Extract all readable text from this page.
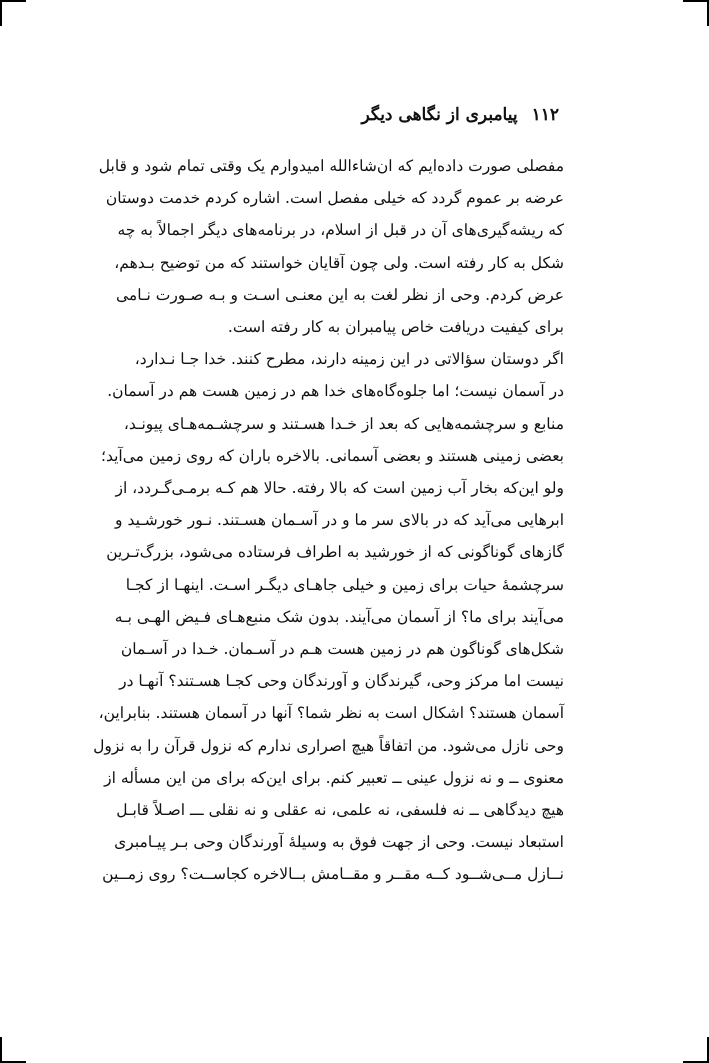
۱۱۲پیامبری از نگاهی دیگر
مفصلی صورت داده‌ایم که ان‌شاءالله امیدوارم یک وقتی تمام شود و قابل
عرضه بر عموم گردد که خیلی مفصل است. اشاره کردم خدمت دوستان
که ریشه‌گیری‌های آن در قبل از اسلام، در برنامه‌های دیگر اجمالاً به چه
شکل به کار رفته است. ولی چون آقایان خواستند که من توضیح بـدهم،
عرض کردم. وحی از نظر لغت به این معنـی اسـت و بـه صـورت نـامی
برای کیفیت دریافت خاص پیامبران به کار رفته است.
اگر دوستان سؤالاتی در این زمینه دارند، مطرح کنند. خدا جـا نـدارد،
در آسمان نیست؛ اما جلوه‌گاه‌های خدا هم در زمین هست هم در آسمان.
منابع و سرچشمه‌هایی که بعد از خـدا هسـتند و سرچشـمه‌هـای پیونـد،
بعضی زمینی هستند و بعضی آسمانی. بالاخره باران که روی زمین می‌آید؛
ولو این‌که بخار آب زمین است که بالا رفته. حالا هم کـه برمـی‌گـردد، از
ابرهایی می‌آید که در بالای سر ما و در آسـمان هسـتند. نـور خورشـید و
گازهای گوناگونی که از خورشید به اطراف فرستاده می‌شود، بزرگ‌تـرین
سرچشمهٔ حیات برای زمین و خیلی جاهـای دیگـر اسـت. اینهـا از کجـا
می‌آیند برای ما؟ از آسمان می‌آیند. بدون شک منبع‌هـای فـیض الهـی بـه
شکل‌های گوناگون هم در زمین هست هـم در آسـمان. خـدا در آسـمان
نیست اما مرکز وحی، گیرندگان و آورندگان وحی کجـا هسـتند؟ آنهـا در
آسمان هستند؟ اشکال است به نظر شما؟ آنها در آسمان هستند. بنابراین،
وحی نازل می‌شود. من اتفاقاً هیچ اصراری ندارم که نزول قرآن را به نزول
معنوی ــ و نه نزول عینی ــ تعبیر کنم. برای این‌که برای من این مسأله از
هیچ دیدگاهی ــ نه فلسفی، نه علمی، نه عقلی و نه نقلی ـــ اصـلاً قابـل
استبعاد نیست. وحی از جهت فوق به وسیلهٔ آورندگان وحی بـر پیـامبری
نــازل مــی‌شــود کــه مقــر و مقــامش بــالاخره کجاســت؟ روی زمــین
